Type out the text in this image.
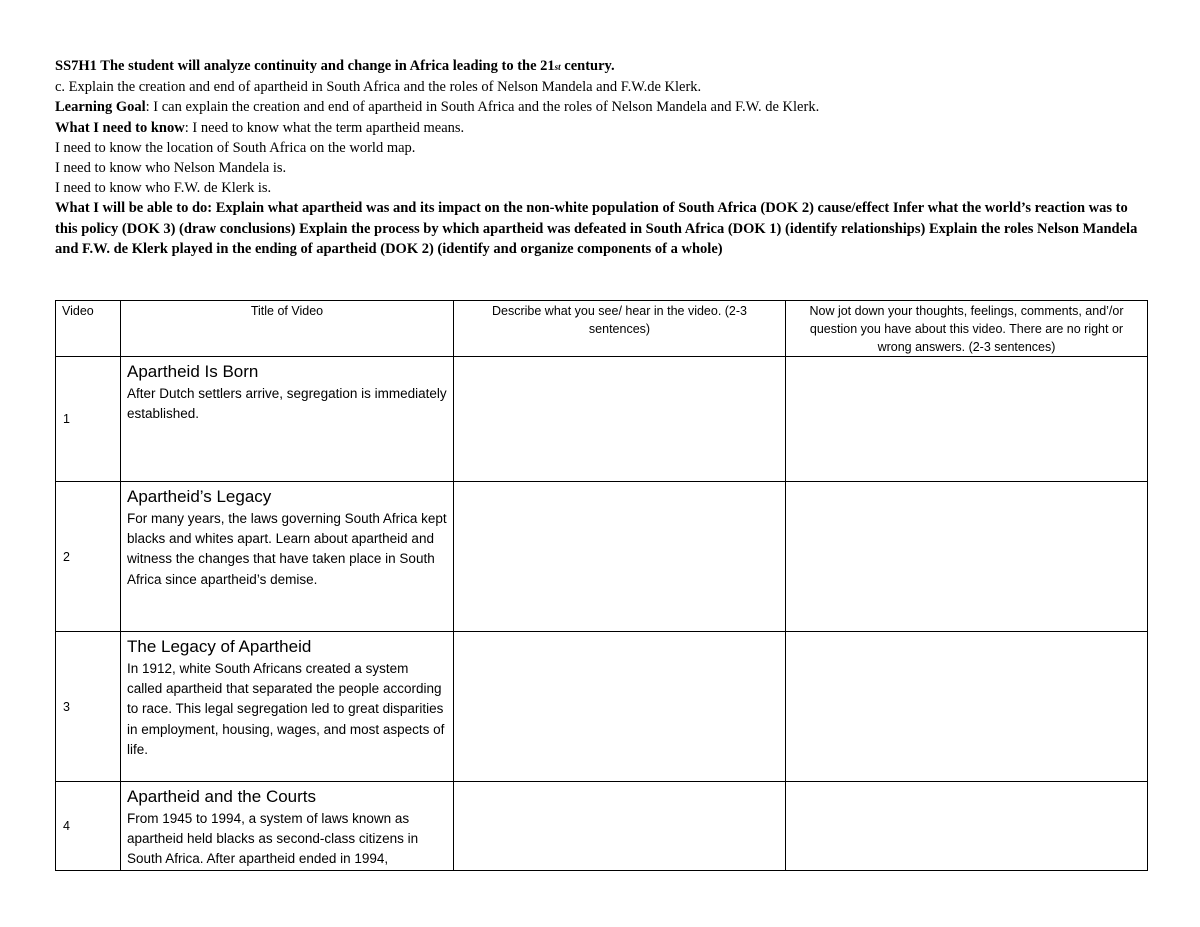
SS7H1 The student will analyze continuity and change in Africa leading to the 21st century.
c. Explain the creation and end of apartheid in South Africa and the roles of Nelson Mandela and F.W.de Klerk.
Learning Goal: I can explain the creation and end of apartheid in South Africa and the roles of Nelson Mandela and F.W. de Klerk.
What I need to know: I need to know what the term apartheid means.
I need to know the location of South Africa on the world map.
I need to know who Nelson Mandela is.
I need to know who F.W. de Klerk is.
What I will be able to do: Explain what apartheid was and its impact on the non-white population of South Africa (DOK 2) cause/effect Infer what the world’s reaction was to this policy (DOK 3) (draw conclusions) Explain the process by which apartheid was defeated in South Africa (DOK 1) (identify relationships) Explain the roles Nelson Mandela and F.W. de Klerk played in the ending of apartheid (DOK 2) (identify and organize components of a whole)
Video	Title of Video	Describe what you see/ hear in the video. (2-3 sentences)	Now jot down your thoughts, feelings, comments, and’/or question you have about this video. There are no right or wrong answers. (2-3 sentences)
1	Apartheid Is Born
After Dutch settlers arrive, segregation is immediately established.		

2	Apartheid’s Legacy
For many years, the laws governing South Africa kept blacks and whites apart. Learn about apartheid and witness the changes that have taken place in South Africa since apartheid’s demise.		

3	The Legacy of Apartheid
In 1912, white South Africans created a system called apartheid that separated the people according to race. This legal segregation led to great disparities in employment, housing, wages, and most aspects of life.		

4	Apartheid and the Courts
From 1945 to 1994, a system of laws known as apartheid held blacks as second-class citizens in South Africa. After apartheid ended in 1994,		
